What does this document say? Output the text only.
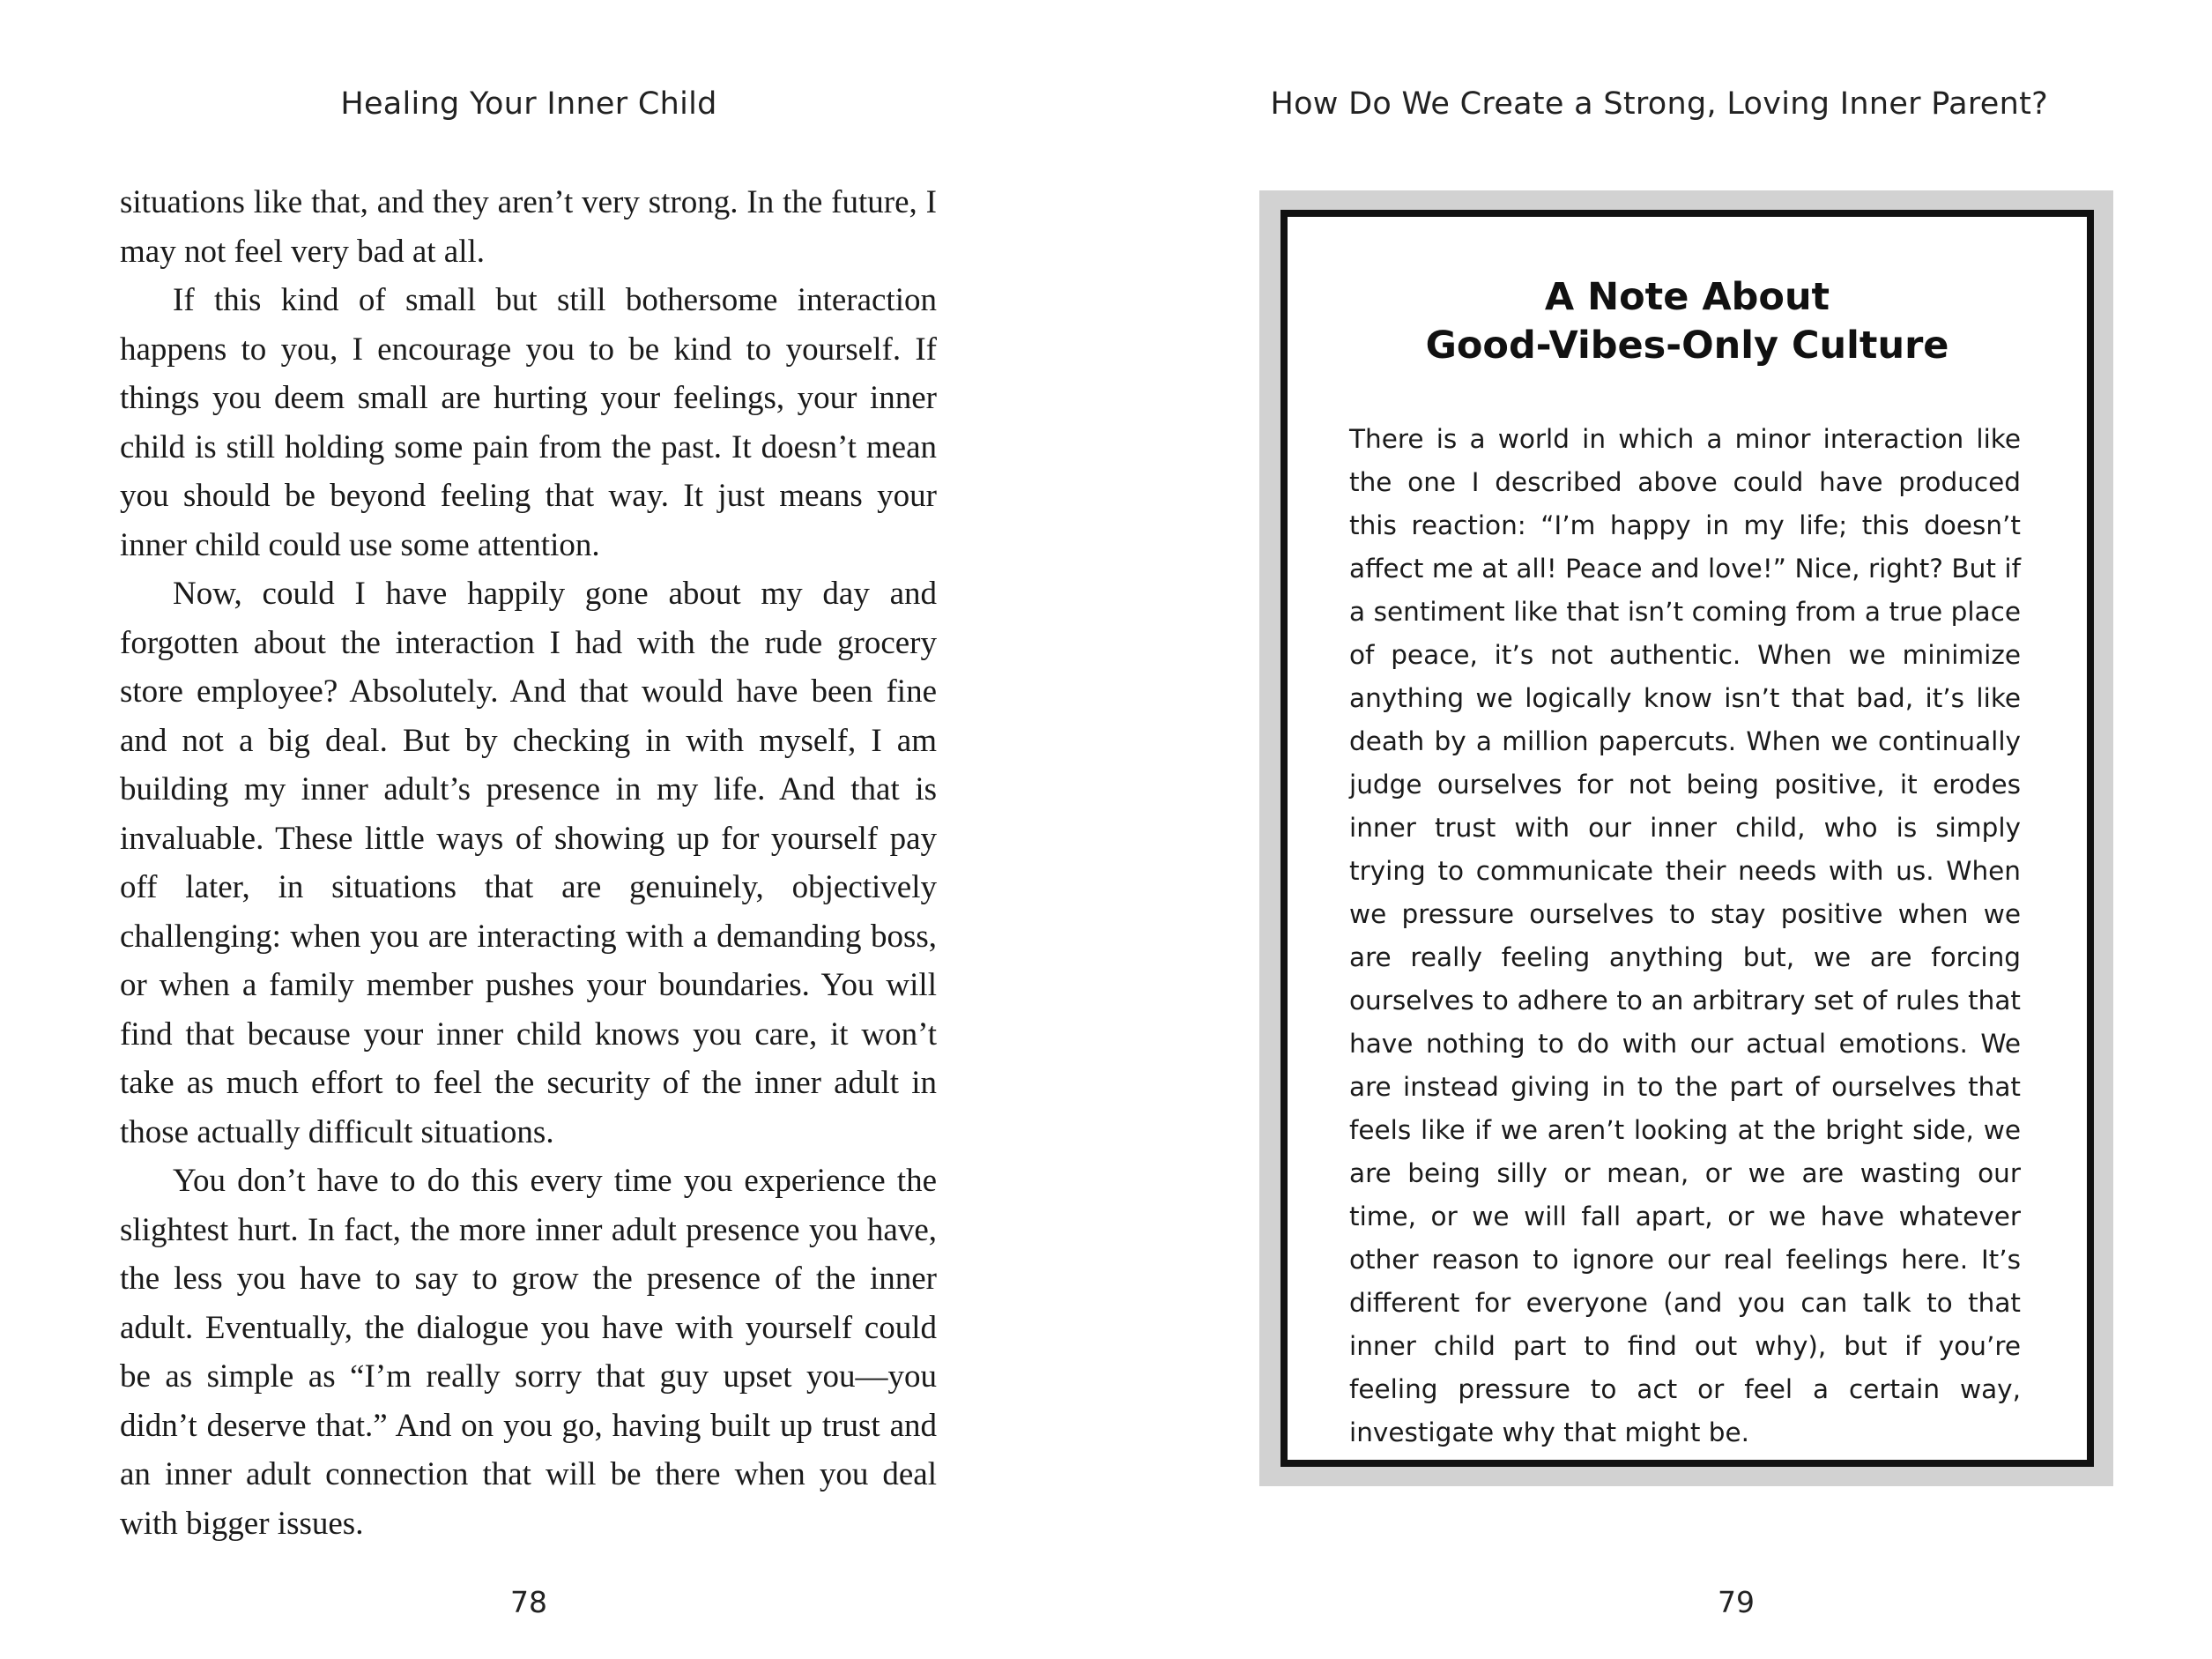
Healing Your Inner Child

situations like that, and they aren’t very strong. In the future, I may not feel very bad at all.

If this kind of small but still bothersome interaction happens to you, I encourage you to be kind to yourself. If things you deem small are hurting your feelings, your inner child is still holding some pain from the past. It doesn’t mean you should be beyond feeling that way. It just means your inner child could use some attention.

Now, could I have happily gone about my day and forgotten about the interaction I had with the rude grocery store employee? Absolutely. And that would have been fine and not a big deal. But by checking in with myself, I am building my inner adult’s presence in my life. And that is invaluable. These little ways of showing up for yourself pay off later, in situations that are genuinely, objectively challenging: when you are interacting with a demanding boss, or when a family member pushes your boundaries. You will find that because your inner child knows you care, it won’t take as much effort to feel the security of the inner adult in those actually difficult situations.

You don’t have to do this every time you experience the slightest hurt. In fact, the more inner adult presence you have, the less you have to say to grow the presence of the inner adult. Eventually, the dialogue you have with yourself could be as simple as “I’m really sorry that guy upset you—you didn’t deserve that.” And on you go, having built up trust and an inner adult connection that will be there when you deal with bigger issues.

78
How Do We Create a Strong, Loving Inner Parent?
A Note About
Good-Vibes-Only Culture

There is a world in which a minor interaction like the one I described above could have produced this reaction: “I’m happy in my life; this doesn’t affect me at all! Peace and love!” Nice, right? But if a sentiment like that isn’t coming from a true place of peace, it’s not authentic. When we minimize anything we logically know isn’t that bad, it’s like death by a million papercuts. When we continually judge ourselves for not being positive, it erodes inner trust with our inner child, who is simply trying to communicate their needs with us. When we pressure ourselves to stay positive when we are really feeling anything but, we are forcing ourselves to adhere to an arbitrary set of rules that have nothing to do with our actual emotions. We are instead giving in to the part of ourselves that feels like if we aren’t looking at the bright side, we are being silly or mean, or we are wasting our time, or we will fall apart, or we have whatever other reason to ignore our real feelings here. It’s different for everyone (and you can talk to that inner child part to find out why), but if you’re feeling pressure to act or feel a certain way, investigate why that might be.

79
